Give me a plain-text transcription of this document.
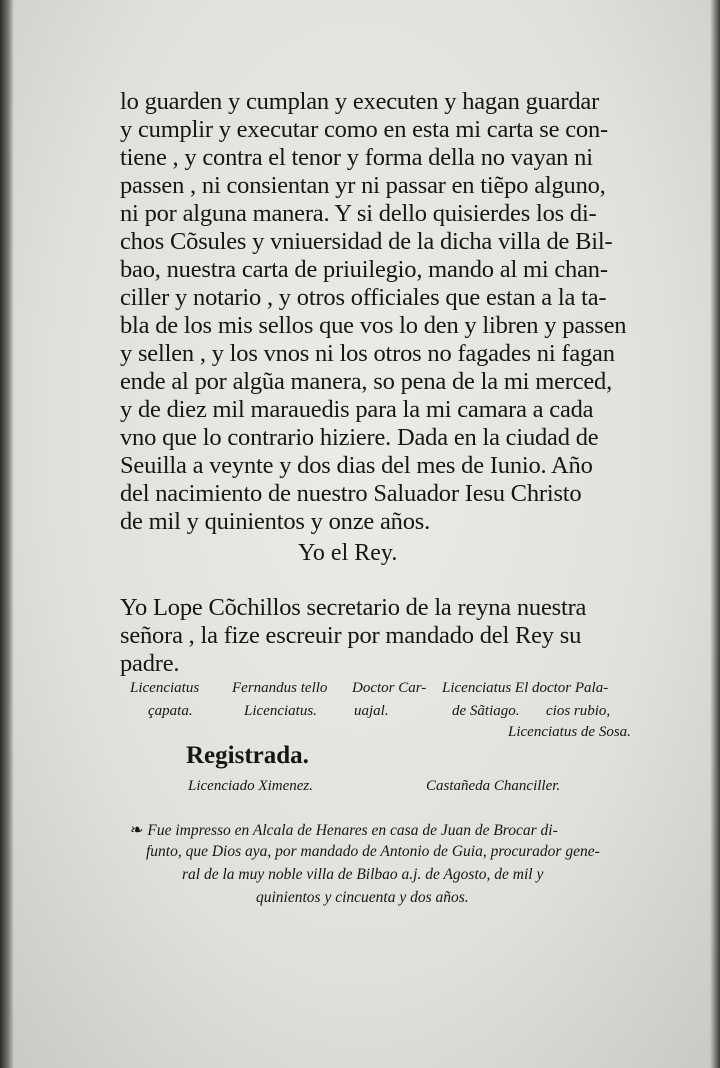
lo guarden y cumplan y executen y hagan guardar
y cumplir y executar como en esta mi carta se con-
tiene , y contra el tenor y forma della no vayan ni
passen , ni consientan yr ni passar en tiẽpo alguno,
ni por alguna manera. Y si dello quisierdes los di-
chos Cõsules y vniuersidad de la dicha villa de Bil-
bao, nuestra carta de priuilegio, mando al mi chan-
ciller y notario , y otros officiales que estan a la ta-
bla de los mis sellos que vos lo den y libren y passen
y sellen , y los vnos ni los otros no fagades ni fagan
ende al por algũa manera, so pena de la mi merced,
y de diez mil marauedis para la mi camara a cada
vno que lo contrario hiziere. Dada en la ciudad de
Seuilla a veynte y dos dias del mes de Iunio. Año
del nacimiento de nuestro Saluador Iesu Christo
de mil y quinientos y onze años.
Yo el Rey.
Yo Lope Cõchillos secretario de la reyna nuestra
señora , la fize escreuir por mandado del Rey su
padre.
Licenciatus Fernandus tello Doctor Car- Licenciatus El doctor Pala-
çapata.	Licenciatus. uajal.	de Sãtiago. cios rubio,
Licenciatus de Sosa.
Registrada.
Licenciado Ximenez.	Castañeda Chanciller.
❧ Fue impresso en Alcala de Henares en casa de Juan de Brocar di-
funto, que Dios aya, por mandado de Antonio de Guia, procurador gene-
ral de la muy noble villa de Bilbao a.j. de Agosto, de mil y
quinientos y cincuenta y dos años.
